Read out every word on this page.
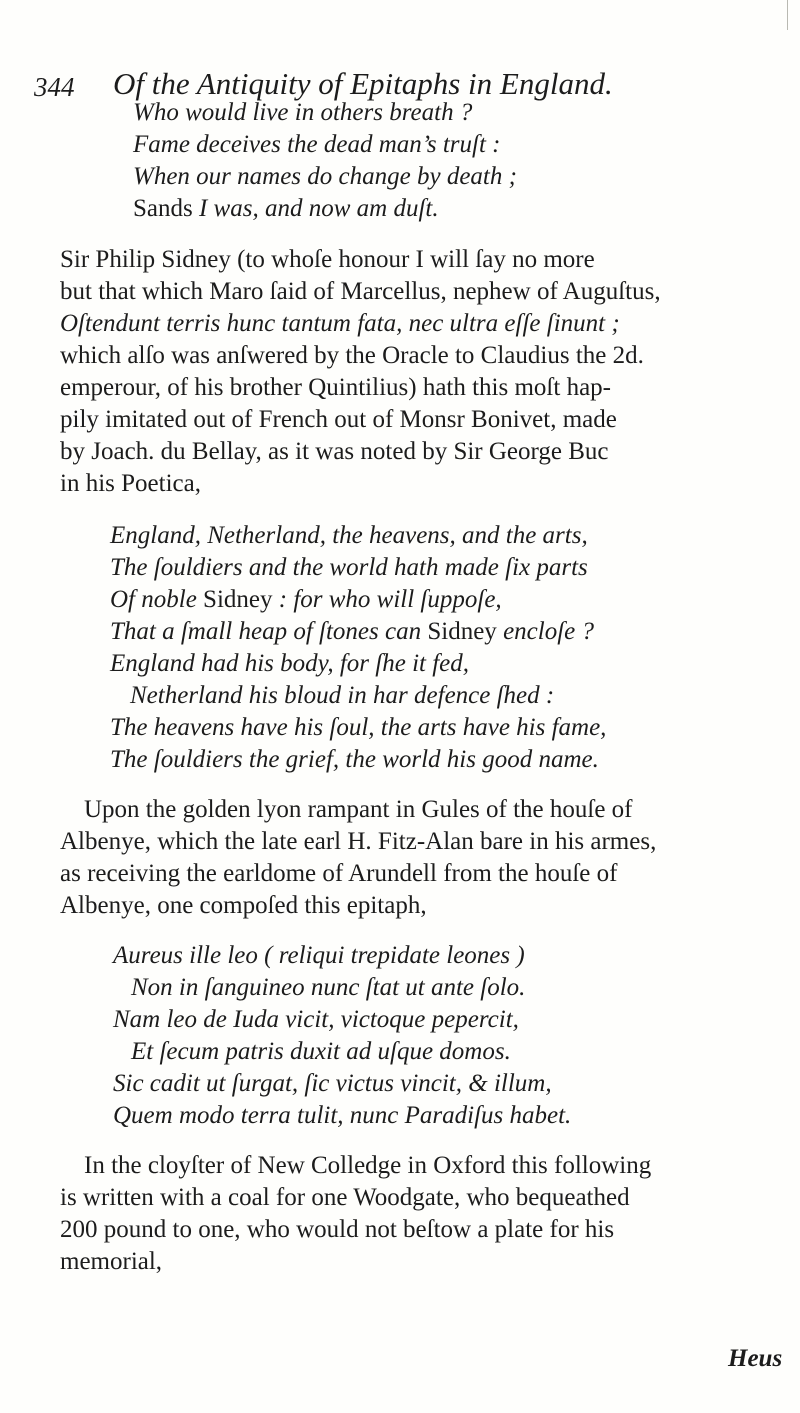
344 Of the Antiquity of Epitaphs in England.
Who would live in others breath ?
Fame deceives the dead man’s truſt :
When our names do change by death ;
Sands I was, and now am duſt.
Sir Philip Sidney (to whoſe honour I will ſay no more
but that which Maro ſaid of Marcellus, nephew of Auguſtus,
Oſtendunt terris hunc tantum fata, nec ultra eſſe ſinunt ;
which alſo was anſwered by the Oracle to Claudius the 2d.
emperour, of his brother Quintilius) hath this moſt hap-
pily imitated out of French out of Monsr Bonivet, made
by Joach. du Bellay, as it was noted by Sir George Buc
in his Poetica,
England, Netherland, the heavens, and the arts,
The ſouldiers and the world hath made ſix parts
Of noble Sidney : for who will ſuppoſe,
That a ſmall heap of ſtones can Sidney encloſe ?
England had his body, for ſhe it fed,
Netherland his bloud in har defence ſhed :
The heavens have his ſoul, the arts have his fame,
The ſouldiers the grief, the world his good name.
Upon the golden lyon rampant in Gules of the houſe of
Albenye, which the late earl H. Fitz-Alan bare in his armes,
as receiving the earldome of Arundell from the houſe of
Albenye, one compoſed this epitaph,
Aureus ille leo ( reliqui trepidate leones )
Non in ſanguineo nunc ſtat ut ante ſolo.
Nam leo de Iuda vicit, victoque pepercit,
Et ſecum patris duxit ad uſque domos.
Sic cadit ut ſurgat, ſic victus vincit, & illum,
Quem modo terra tulit, nunc Paradiſus habet.
In the cloyſter of New Colledge in Oxford this following
is written with a coal for one Woodgate, who bequeathed
200 pound to one, who would not beſtow a plate for his
memorial,
Heus
